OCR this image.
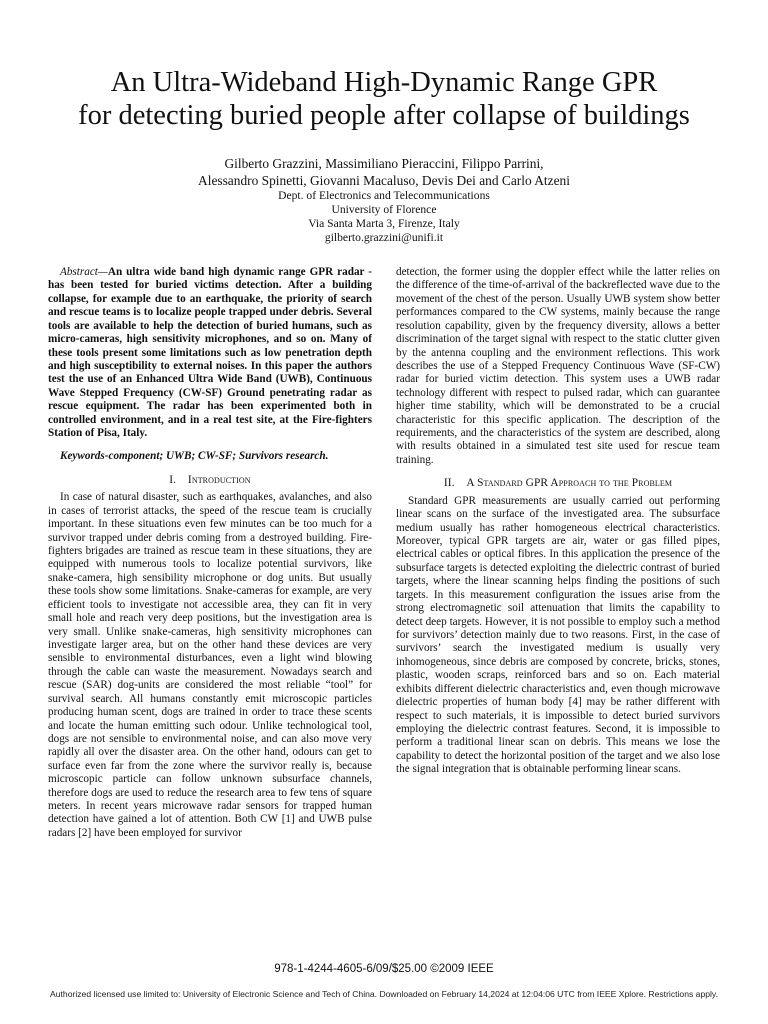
An Ultra-Wideband High-Dynamic Range GPR
for detecting buried people after collapse of buildings
Gilberto Grazzini, Massimiliano Pieraccini, Filippo Parrini,
Alessandro Spinetti, Giovanni Macaluso, Devis Dei and Carlo Atzeni
Dept. of Electronics and Telecommunications
University of Florence
Via Santa Marta 3, Firenze, Italy
gilberto.grazzini@unifi.it

Abstract—An ultra wide band high dynamic range GPR radar - has been tested for buried victims detection. After a building collapse, for example due to an earthquake, the priority of search and rescue teams is to localize people trapped under debris. Several tools are available to help the detection of buried humans, such as micro-cameras, high sensitivity microphones, and so on. Many of these tools present some limitations such as low penetration depth and high susceptibility to external noises. In this paper the authors test the use of an Enhanced Ultra Wide Band (UWB), Continuous Wave Stepped Frequency (CW-SF) Ground penetrating radar as rescue equipment. The radar has been experimented both in controlled environment, and in a real test site, at the Fire-fighters Station of Pisa, Italy.

Keywords-component; UWB; CW-SF; Survivors research.

I. Introduction

In case of natural disaster, such as earthquakes, avalanches, and also in cases of terrorist attacks, the speed of the rescue team is crucially important. In these situations even few minutes can be too much for a survivor trapped under debris coming from a destroyed building. Fire-fighters brigades are trained as rescue team in these situations, they are equipped with numerous tools to localize potential survivors, like snake-camera, high sensibility microphone or dog units. But usually these tools show some limitations. Snake-cameras for example, are very efficient tools to investigate not accessible area, they can fit in very small hole and reach very deep positions, but the investigation area is very small. Unlike snake-cameras, high sensitivity microphones can investigate larger area, but on the other hand these devices are very sensible to environmental disturbances, even a light wind blowing through the cable can waste the measurement. Nowadays search and rescue (SAR) dog-units are considered the most reliable “tool” for survival search. All humans constantly emit microscopic particles producing human scent, dogs are trained in order to trace these scents and locate the human emitting such odour. Unlike technological tool, dogs are not sensible to environmental noise, and can also move very rapidly all over the disaster area. On the other hand, odours can get to surface even far from the zone where the survivor really is, because microscopic particle can follow unknown subsurface channels, therefore dogs are used to reduce the research area to few tens of square meters. In recent years microwave radar sensors for trapped human detection have gained a lot of attention. Both CW [1] and UWB pulse radars [2] have been employed for survivor

detection, the former using the doppler effect while the latter relies on the difference of the time-of-arrival of the backreflected wave due to the movement of the chest of the person. Usually UWB system show better performances compared to the CW systems, mainly because the range resolution capability, given by the frequency diversity, allows a better discrimination of the target signal with respect to the static clutter given by the antenna coupling and the environment reflections. This work describes the use of a Stepped Frequency Continuous Wave (SF-CW) radar for buried victim detection. This system uses a UWB radar technology different with respect to pulsed radar, which can guarantee higher time stability, which will be demonstrated to be a crucial characteristic for this specific application. The description of the requirements, and the characteristics of the system are described, along with results obtained in a simulated test site used for rescue team training.

II. A Standard GPR Approach to the Problem

Standard GPR measurements are usually carried out performing linear scans on the surface of the investigated area. The subsurface medium usually has rather homogeneous electrical characteristics. Moreover, typical GPR targets are air, water or gas filled pipes, electrical cables or optical fibres. In this application the presence of the subsurface targets is detected exploiting the dielectric contrast of buried targets, where the linear scanning helps finding the positions of such targets. In this measurement configuration the issues arise from the strong electromagnetic soil attenuation that limits the capability to detect deep targets. However, it is not possible to employ such a method for survivors’ detection mainly due to two reasons. First, in the case of survivors’ search the investigated medium is usually very inhomogeneous, since debris are composed by concrete, bricks, stones, plastic, wooden scraps, reinforced bars and so on. Each material exhibits different dielectric characteristics and, even though microwave dielectric properties of human body [4] may be rather different with respect to such materials, it is impossible to detect buried survivors employing the dielectric contrast features. Second, it is impossible to perform a traditional linear scan on debris. This means we lose the capability to detect the horizontal position of the target and we also lose the signal integration that is obtainable performing linear scans.

978-1-4244-4605-6/09/$25.00 ©2009 IEEE
Authorized licensed use limited to: University of Electronic Science and Tech of China. Downloaded on February 14,2024 at 12:04:06 UTC from IEEE Xplore. Restrictions apply.
